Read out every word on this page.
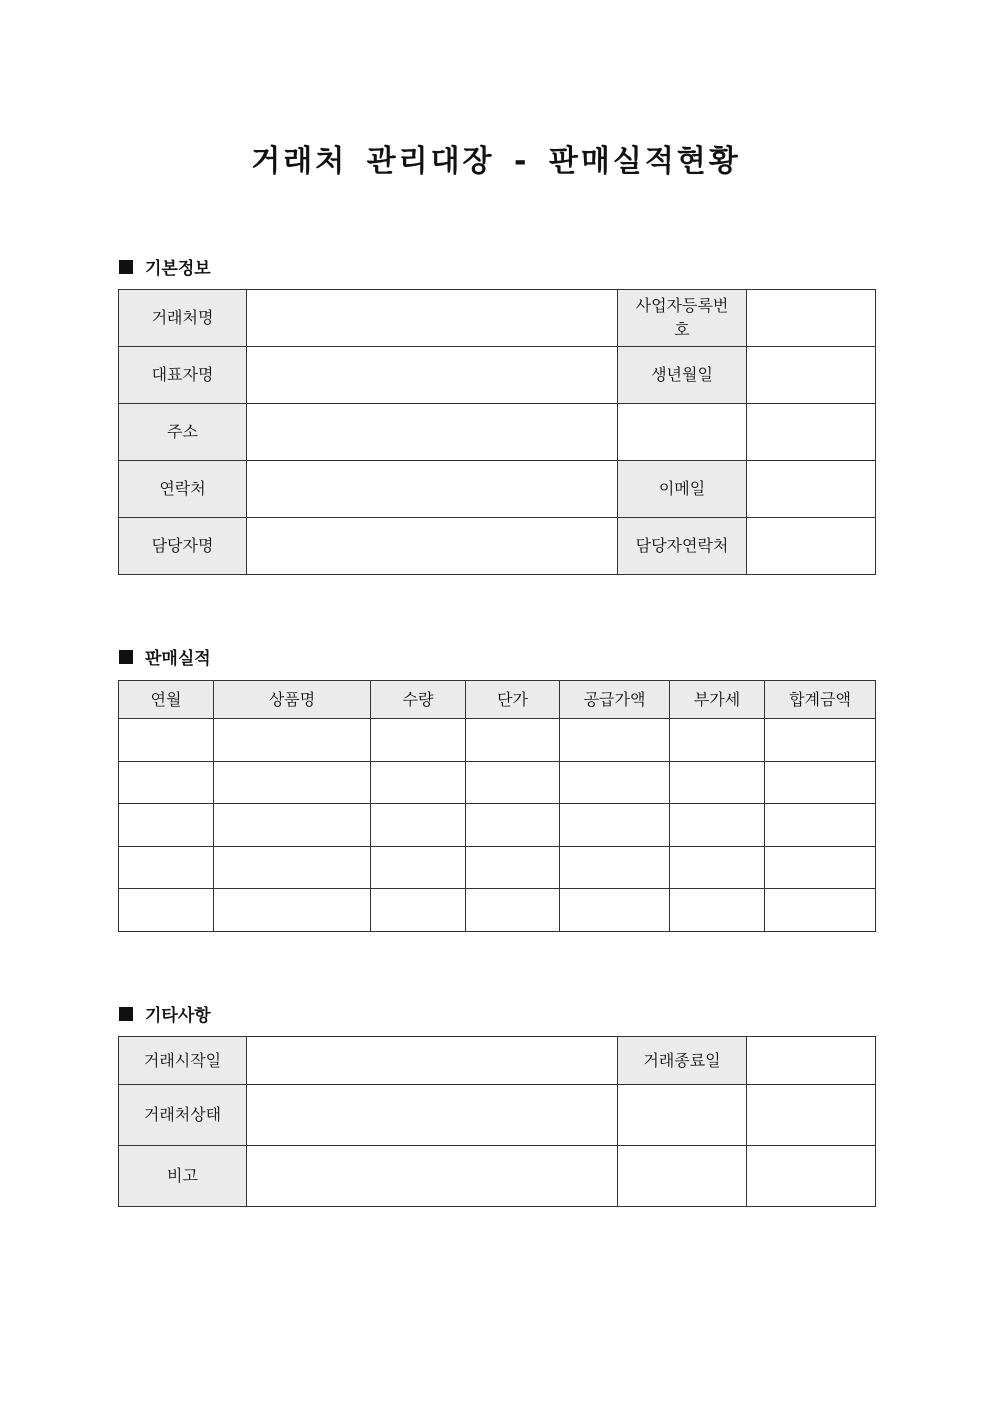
거래처 관리대장 - 판매실적현황
기본정보
거래처명		사업자등록번호	
대표자명		생년월일	
주소			
연락처		이메일	
담당자명		담당자연락처	
판매실적
연월	상품명	수량	단가	공급가액	부가세	합계금액

기타사항
거래시작일		거래종료일	
거래처상태			
비고			
